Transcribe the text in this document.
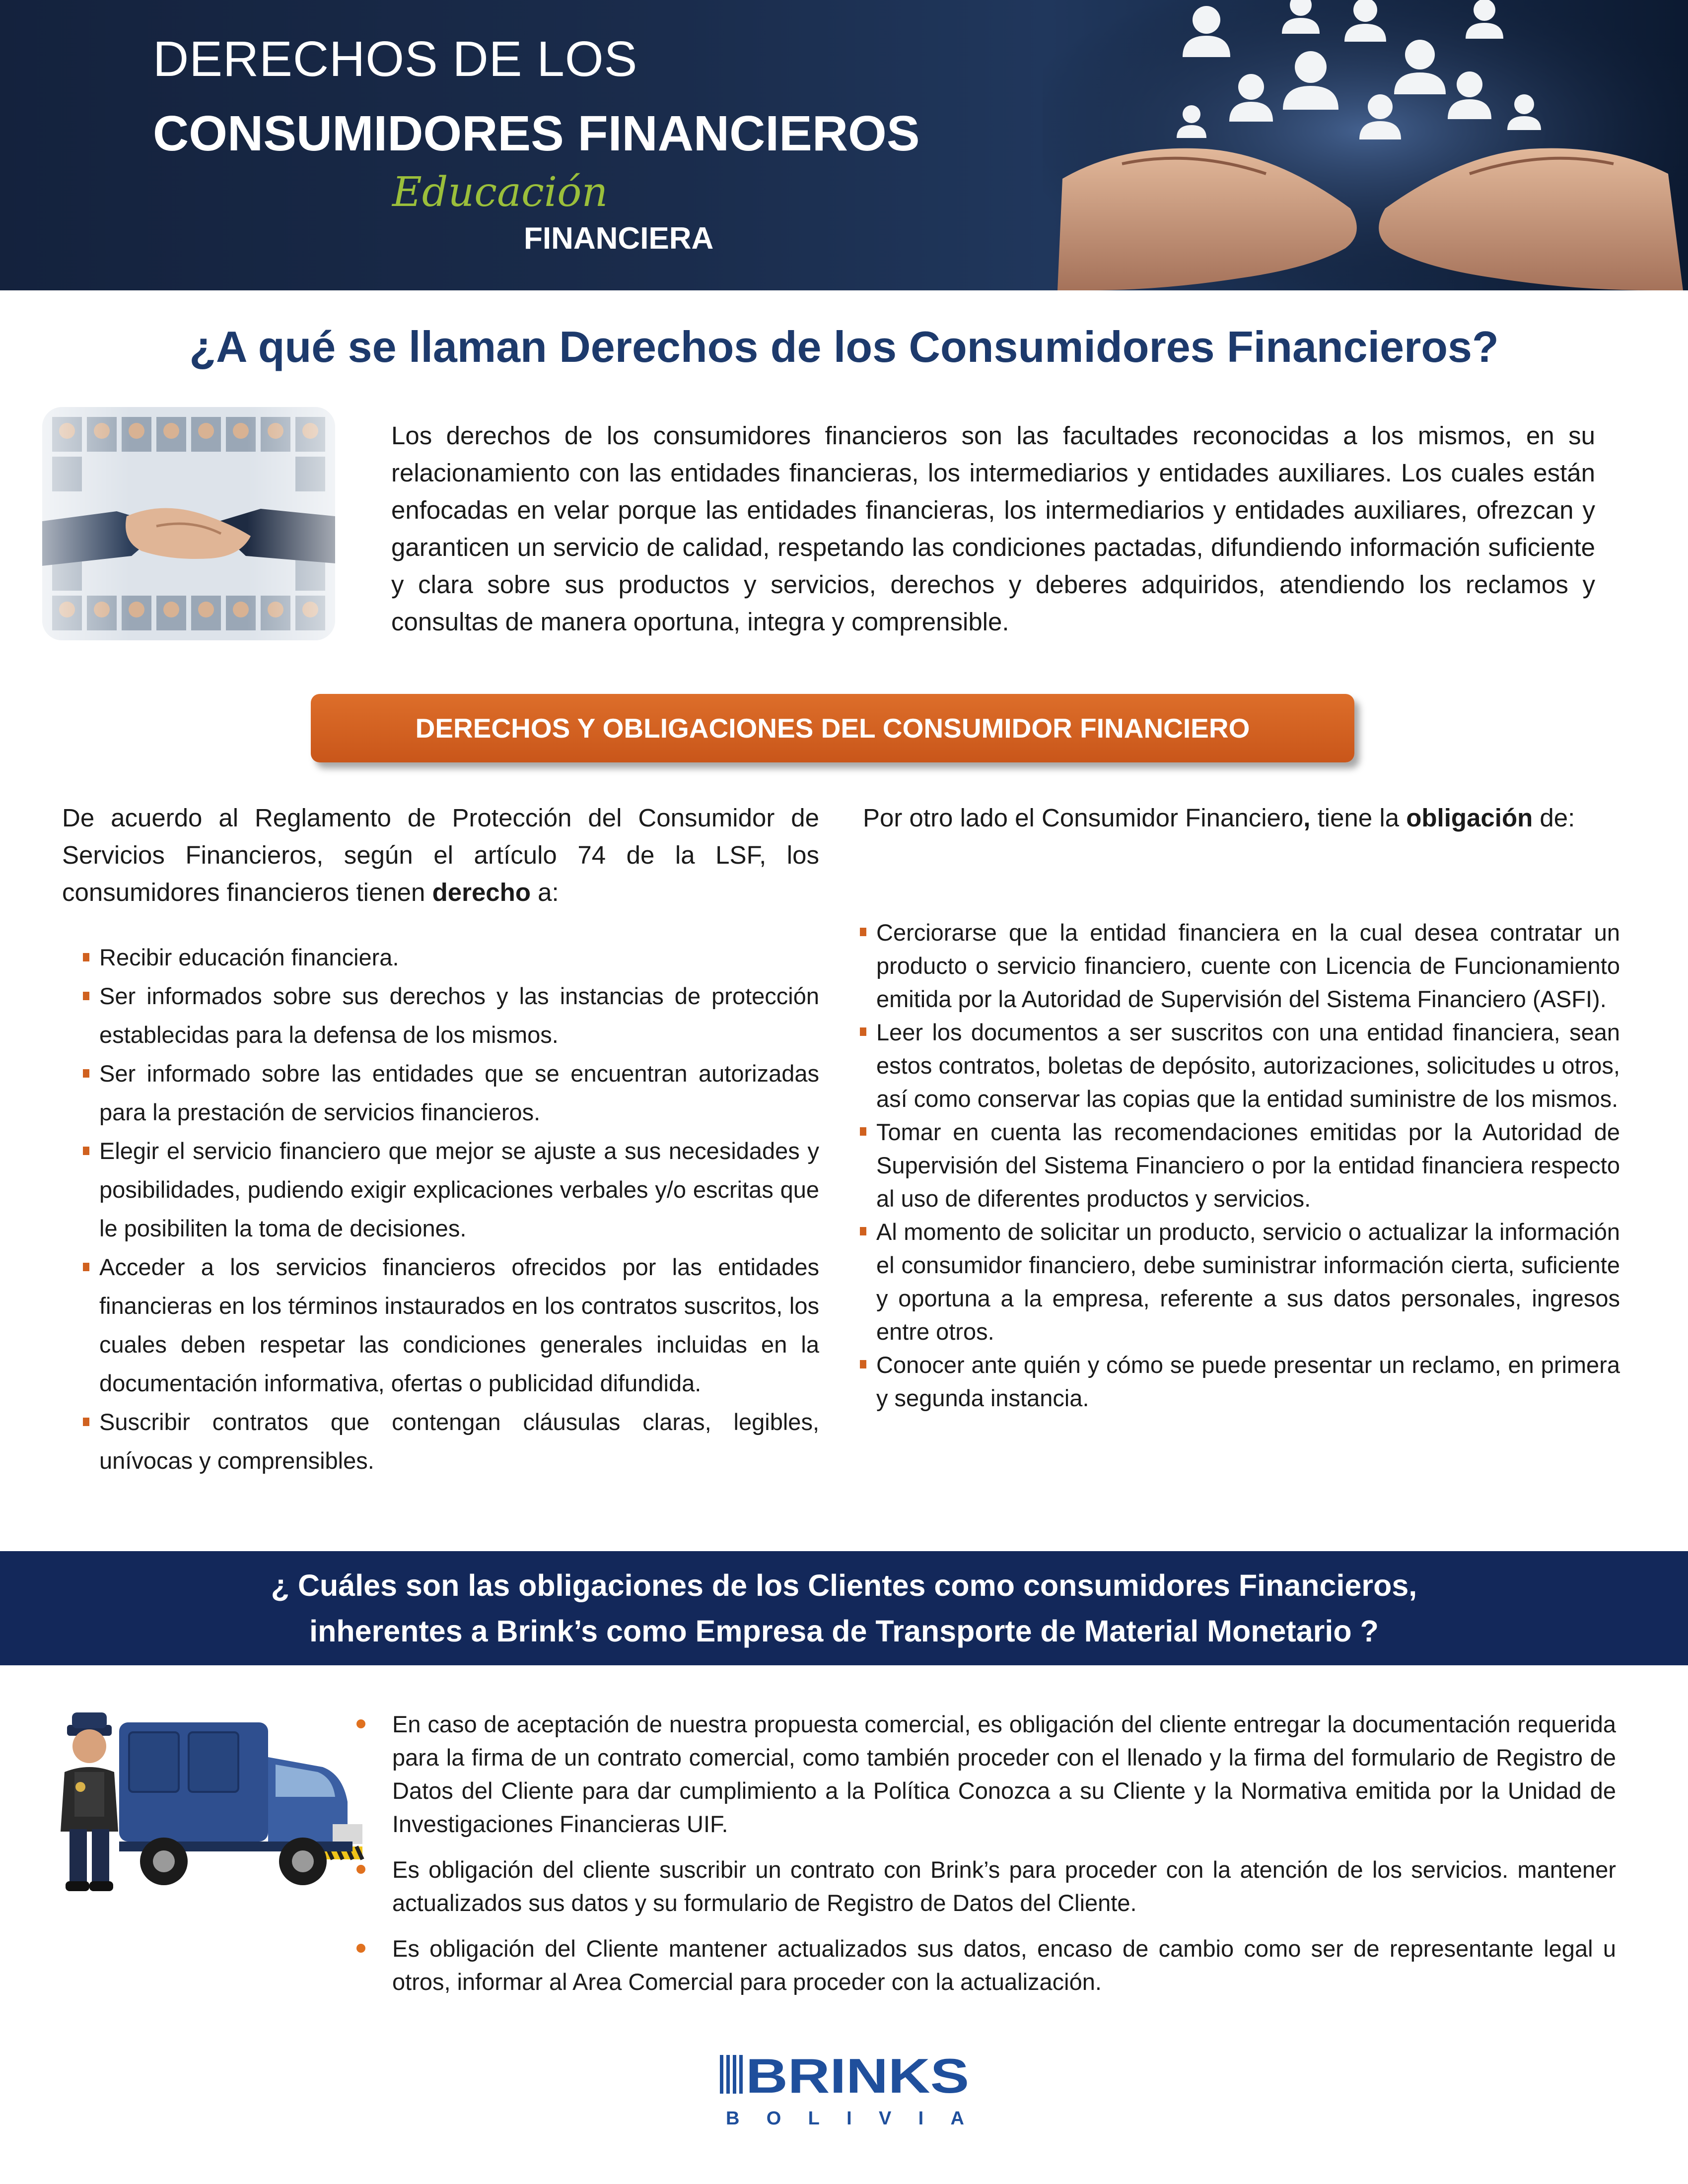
DERECHOS DE LOS
CONSUMIDORES FINANCIEROS
Educación
FINANCIERA
¿A qué se llaman Derechos de los Consumidores Financieros?
Los derechos de los consumidores financieros son las facultades reconocidas a los mismos, en su relacionamiento con las entidades financieras, los intermediarios y entidades auxiliares. Los cuales están enfocadas en velar porque las entidades financieras, los intermediarios y entidades auxiliares, ofrezcan y garanticen un servicio de calidad, respetando las condiciones pactadas, difundiendo información suficiente y clara sobre sus productos y servicios, derechos y deberes adquiridos, atendiendo los reclamos y consultas de manera oportuna, integra y comprensible.
DERECHOS Y OBLIGACIONES DEL CONSUMIDOR FINANCIERO
De acuerdo al Reglamento de Protección del Consumidor de Servicios Financieros, según el artículo 74 de la LSF, los consumidores financieros tienen derecho a:
Recibir educación financiera.
Ser informados sobre sus derechos y las instancias de protección establecidas para la defensa de los mismos.
Ser informado sobre las entidades que se encuentran autorizadas para la prestación de servicios financieros.
Elegir el servicio financiero que mejor se ajuste a sus necesidades y posibilidades, pudiendo exigir explicaciones verbales y/o escritas que le posibiliten la toma de decisiones.
Acceder a los servicios financieros ofrecidos por las entidades financieras en los términos instaurados en los contratos suscritos, los cuales deben respetar las condiciones generales incluidas en la documentación informativa, ofertas o publicidad difundida.
Suscribir contratos que contengan cláusulas claras, legibles, unívocas y comprensibles.
Por otro lado el Consumidor Financiero, tiene la obligación de:
Cerciorarse que la entidad financiera en la cual desea contratar un producto o servicio financiero, cuente con Licencia de Funcionamiento emitida por la Autoridad de Supervisión del Sistema Financiero (ASFI).
Leer los documentos a ser suscritos con una entidad financiera, sean estos contratos, boletas de depósito, autorizaciones, solicitudes u otros, así como conservar las copias que la entidad suministre de los mismos.
Tomar en cuenta las recomendaciones emitidas por la Autoridad de Supervisión del Sistema Financiero o por la entidad financiera respecto al uso de diferentes productos y servicios.
Al momento de solicitar un producto, servicio o actualizar la información el consumidor financiero, debe suministrar información cierta, suficiente y oportuna a la empresa, referente a sus datos personales, ingresos entre otros.
Conocer ante quién y cómo se puede presentar un reclamo, en primera y segunda instancia.
¿ Cuáles son las obligaciones de los Clientes como consumidores Financieros,
inherentes a Brink’s como Empresa de Transporte de Material Monetario ?
En caso de aceptación de nuestra propuesta comercial, es obligación del cliente entregar la documentación requerida para la firma de un contrato comercial, como también proceder con el llenado y la firma del formulario de Registro de Datos del Cliente para dar cumplimiento a la Política Conozca a su Cliente y la Normativa emitida por la Unidad de Investigaciones Financieras UIF.
Es obligación del cliente suscribir un contrato con Brink’s para proceder con la atención de los servicios. mantener actualizados sus datos y su formulario de Registro de Datos del Cliente.
Es obligación del Cliente mantener actualizados sus datos, encaso de cambio como ser de representante legal u otros, informar al Area Comercial para proceder con la actualización.
BRINKS
BOLIVIA
